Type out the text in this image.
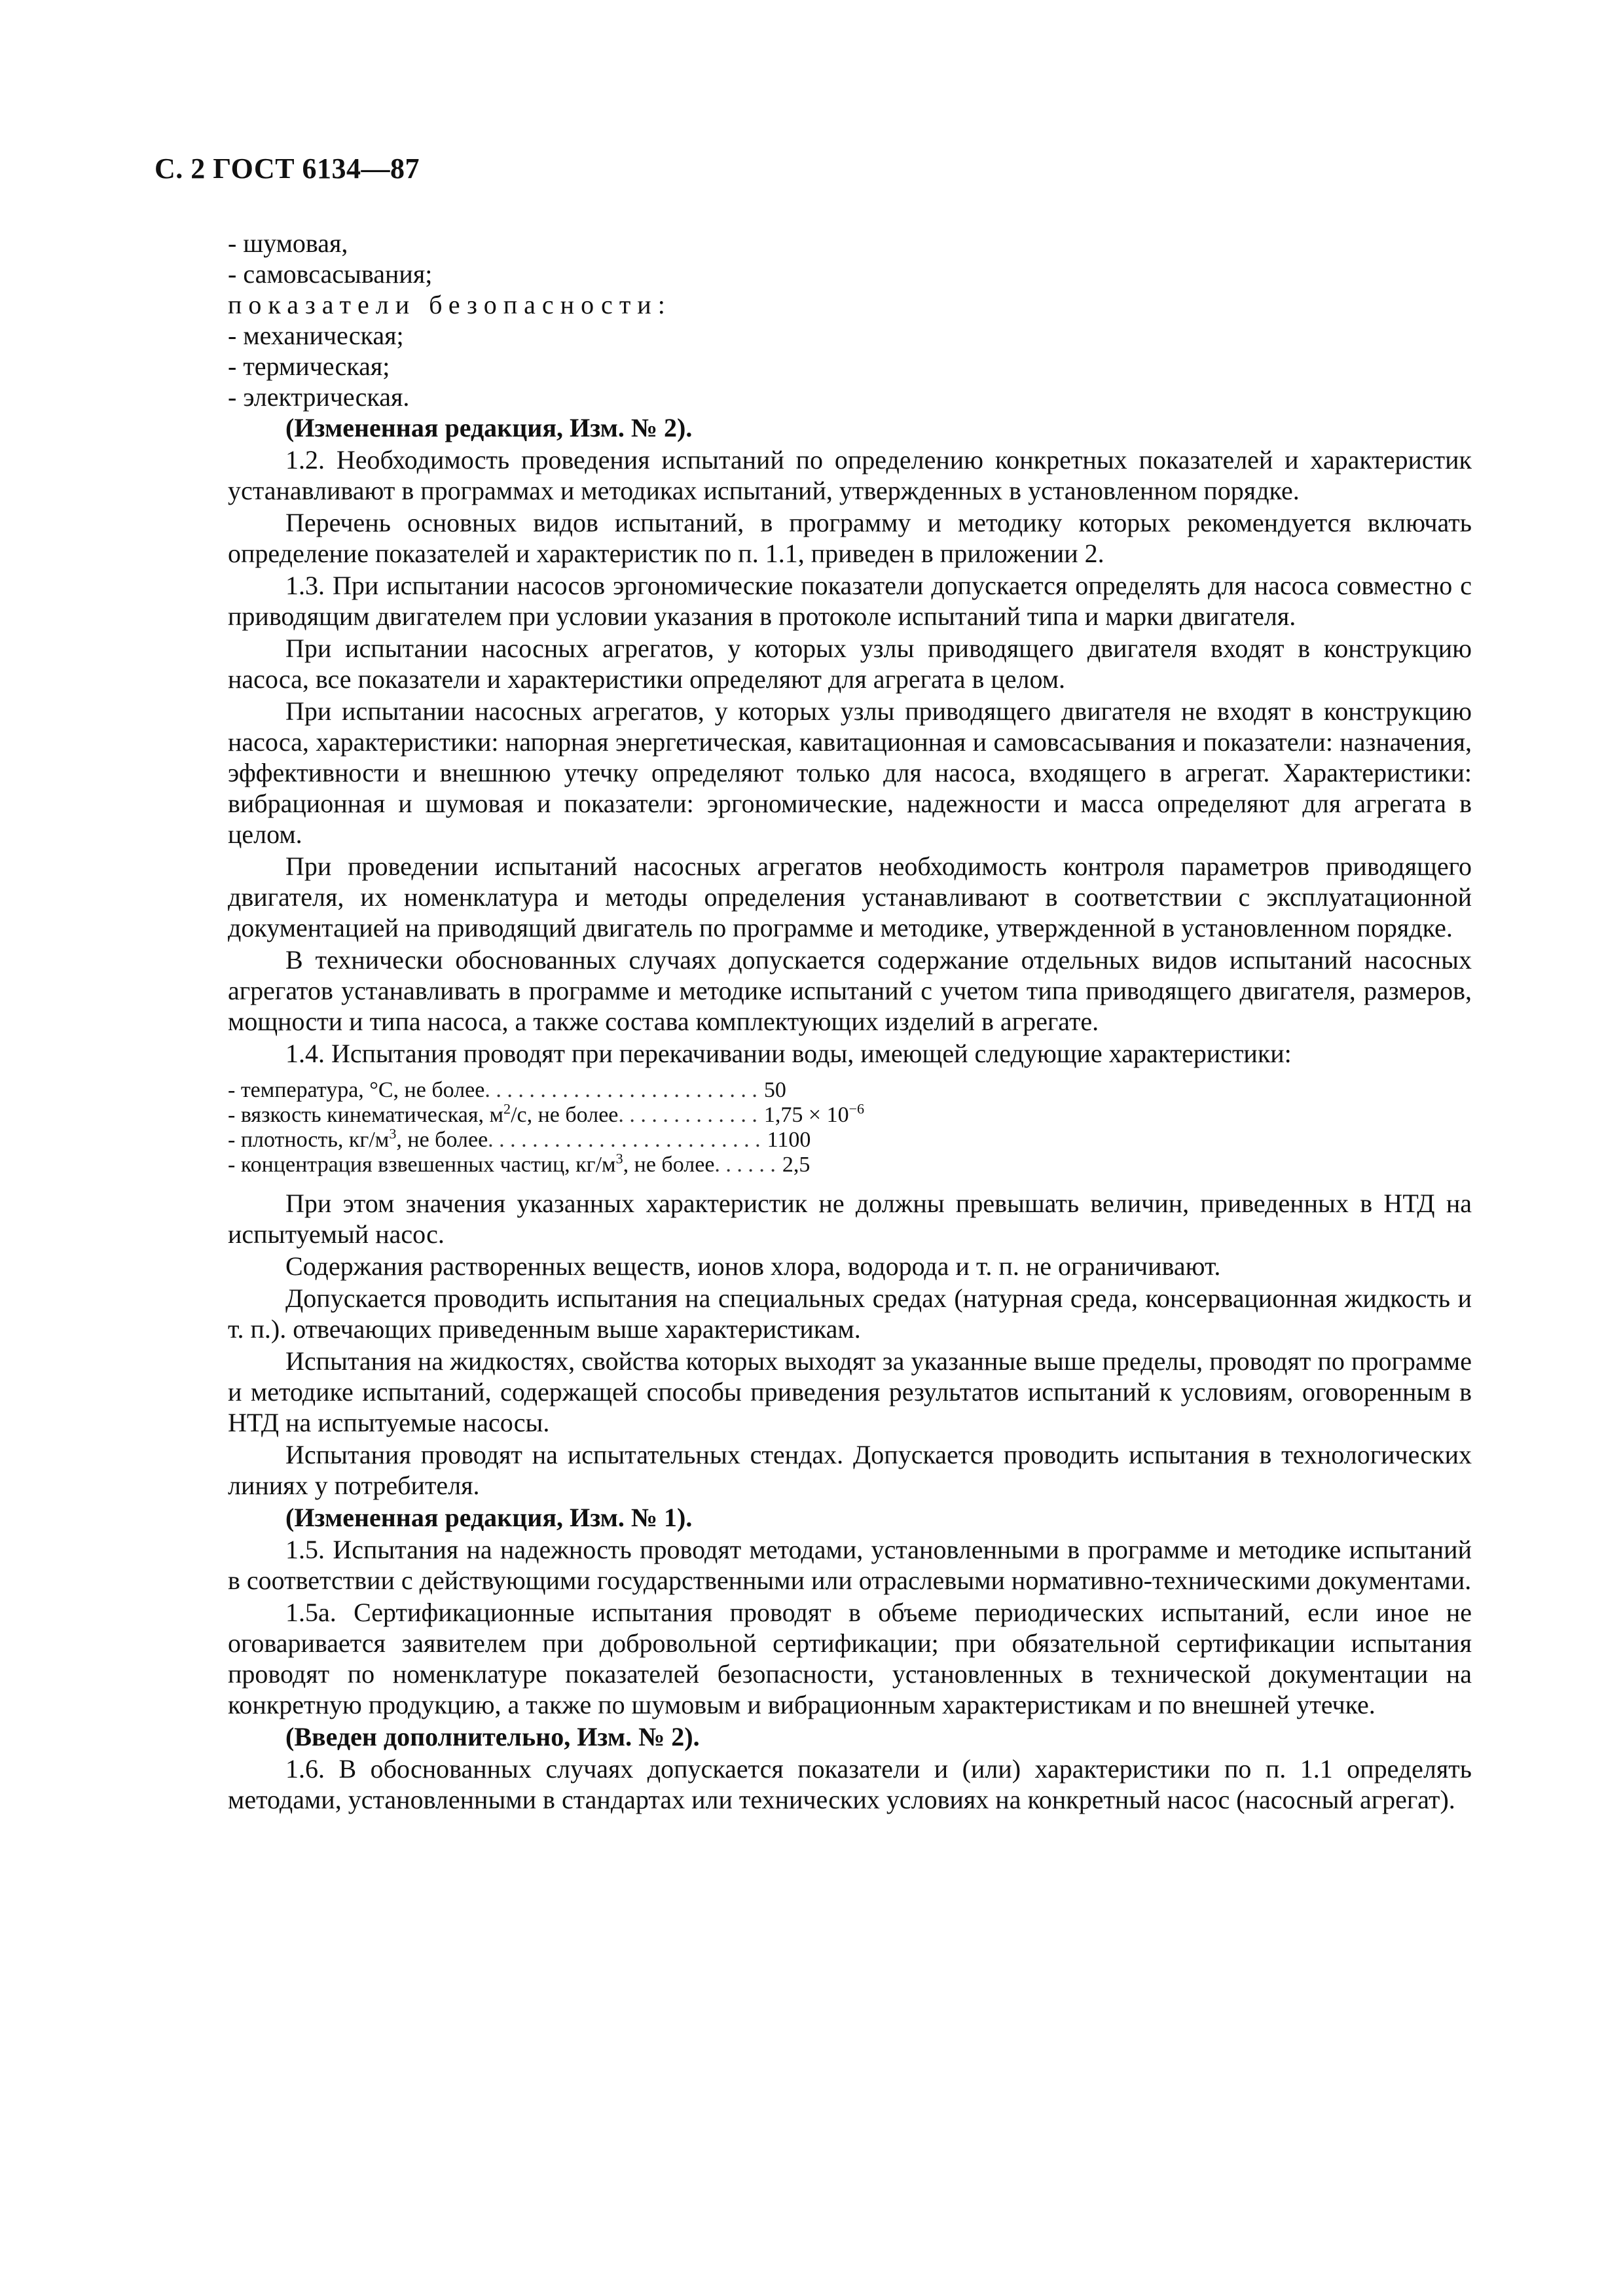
С. 2 ГОСТ 6134—87

- шумовая,

- самовсасывания;

показатели безопасности:

- механическая;

- термическая;

- электрическая.

(Измененная редакция, Изм. № 2).

1.2. Необходимость проведения испытаний по определению конкретных показателей и характеристик устанавливают в программах и методиках испытаний, утвержденных в установленном порядке.

Перечень основных видов испытаний, в программу и методику которых рекомендуется включать определение показателей и характеристик по п. 1.1, приведен в приложении 2.

1.3. При испытании насосов эргономические показатели допускается определять для насоса совместно с приводящим двигателем при условии указания в протоколе испытаний типа и марки двигателя.

При испытании насосных агрегатов, у которых узлы приводящего двигателя входят в конструкцию насоса, все показатели и характеристики определяют для агрегата в целом.

При испытании насосных агрегатов, у которых узлы приводящего двигателя не входят в конструкцию насоса, характеристики: напорная энергетическая, кавитационная и самовсасывания и показатели: назначения, эффективности и внешнюю утечку определяют только для насоса, входящего в агрегат. Характеристики: вибрационная и шумовая и показатели: эргономические, надежности и масса определяют для агрегата в целом.

При проведении испытаний насосных агрегатов необходимость контроля параметров приводящего двигателя, их номенклатура и методы определения устанавливают в соответствии с эксплуатационной документацией на приводящий двигатель по программе и методике, утвержденной в установленном порядке.

В технически обоснованных случаях допускается содержание отдельных видов испытаний насосных агрегатов устанавливать в программе и методике испытаний с учетом типа приводящего двигателя, размеров, мощности и типа насоса, а также состава комплектующих изделий в агрегате.

1.4. Испытания проводят при перекачивании воды, имеющей следующие характеристики:

- температура, °С, не более . . . . . . . . . . . . . . . . . . . . . . . . . 50
- вязкость кинематическая, $м^2/с$, не более . . . . . . . . . . . . . $1,75 \times 10^{-6}$
- плотность, $кг/м^3$, не более . . . . . . . . . . . . . . . . . . . . . . . . . 1100
- концентрация взвешенных частиц, $кг/м^3$, не более . . . . . . 2,5

При этом значения указанных характеристик не должны превышать величин, приведенных в НТД на испытуемый насос.

Содержания растворенных веществ, ионов хлора, водорода и т. п. не ограничивают.

Допускается проводить испытания на специальных средах (натурная среда, консервационная жидкость и т. п.). отвечающих приведенным выше характеристикам.

Испытания на жидкостях, свойства которых выходят за указанные выше пределы, проводят по программе и методике испытаний, содержащей способы приведения результатов испытаний к условиям, оговоренным в НТД на испытуемые насосы.

Испытания проводят на испытательных стендах. Допускается проводить испытания в технологических линиях у потребителя.

(Измененная редакция, Изм. № 1).

1.5. Испытания на надежность проводят методами, установленными в программе и методике испытаний в соответствии с действующими государственными или отраслевыми нормативно-техническими документами.

1.5а. Сертификационные испытания проводят в объеме периодических испытаний, если иное не оговаривается заявителем при добровольной сертификации; при обязательной сертификации испытания проводят по номенклатуре показателей безопасности, установленных в технической документации на конкретную продукцию, а также по шумовым и вибрационным характеристикам и по внешней утечке.

(Введен дополнительно, Изм. № 2).

1.6. В обоснованных случаях допускается показатели и (или) характеристики по п. 1.1 определять методами, установленными в стандартах или технических условиях на конкретный насос (насосный агрегат).
